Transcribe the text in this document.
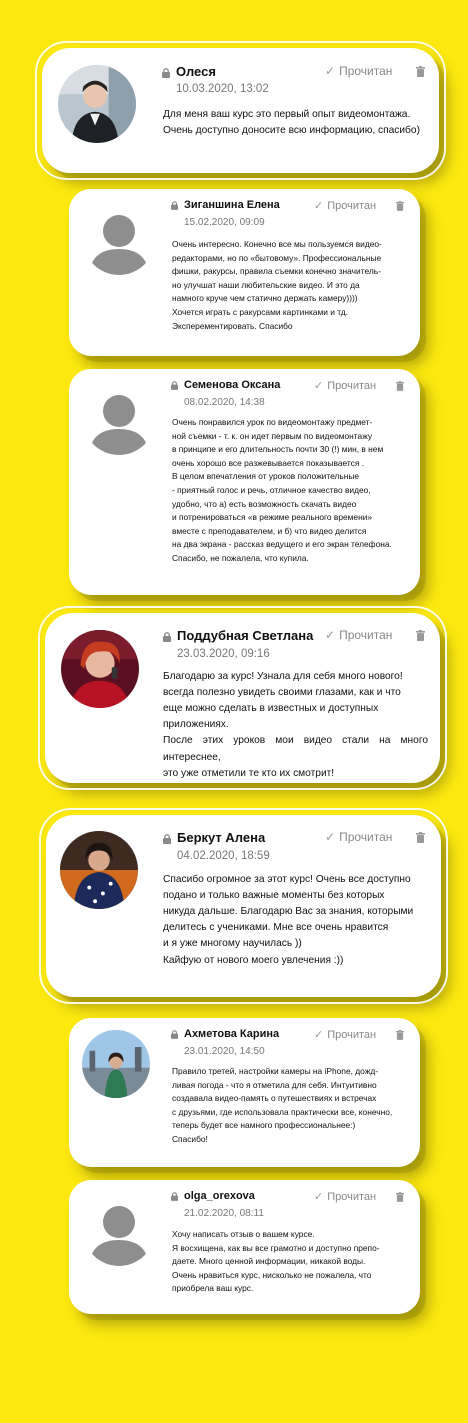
Олеся
10.03.2020, 13:02
✓ Прочитан
Для меня ваш курс это первый опыт видеомонтажа.
Очень доступно доносите всю информацию, спасибо)
Зиганшина Елена
15.02.2020, 09:09
✓ Прочитан
Очень интересно. Конечно все мы пользуемся видео-
редакторами, но по «бытовому». Профессиональные
фишки, ракурсы, правила съемки конечно значитель-
но улучшат наши любительские видео. И это да
намного круче чем статично держать камеру))))
Хочется играть с ракурсами картинками и тд.
Эксперементировать. Спасибо
Семенова Оксана
08.02.2020, 14:38
✓ Прочитан
Очень понравился урок по видеомонтажу предмет-
ной съемки - т. к. он идет первым по видеомонтажу
в принципе и его длительность почти 30 (!) мин, в нем
очень хорошо все разжевывается показывается .
В целом впечатления от уроков положительные
- приятный голос и речь, отличное качество видео,
удобно, что а) есть возможность скачать видео
и потренироваться «в режиме реального времени»
вместе с преподавателем, и б) что видео делится
на два экрана - рассказ ведущего и его экран телефона.
Спасибо, не пожалела, что купила.
Поддубная Светлана
23.03.2020, 09:16
✓ Прочитан
Благодарю за курс! Узнала для себя много нового!
всегда полезно увидеть своими глазами, как и что
еще можно сделать в известных и доступных
приложениях.
После этих уроков мои видео стали на много интереснее,
это уже отметили те кто их смотрит!
Беркут Алена
04.02.2020, 18:59
✓ Прочитан
Спасибо огромное за этот курс! Очень все доступно
подано и только важные моменты без которых
никуда дальше. Благодарю Вас за знания, которыми
делитесь с учениками. Мне все очень нравится
и я уже многому научилась ))
Кайфую от нового моего увлечения :))
Ахметова Карина
23.01.2020, 14:50
✓ Прочитан
Правило третей, настройки камеры на iPhone, дожд-
ливая погода - что я отметила для себя. Интуитивно
создавала видео-память о путешествиях и встречах
с друзьями, где использовала практически все, конечно,
теперь будет все намного профессиональнее:)
Спасибо!
olga_orexova
21.02.2020, 08:11
✓ Прочитан
Хочу написать отзыв о вашем курсе.
Я восхищена, как вы все грамотно и доступно препо-
даете. Много ценной информации, никакой воды.
Очень нравиться курс, нисколько не пожалела, что
приобрела ваш курс.
